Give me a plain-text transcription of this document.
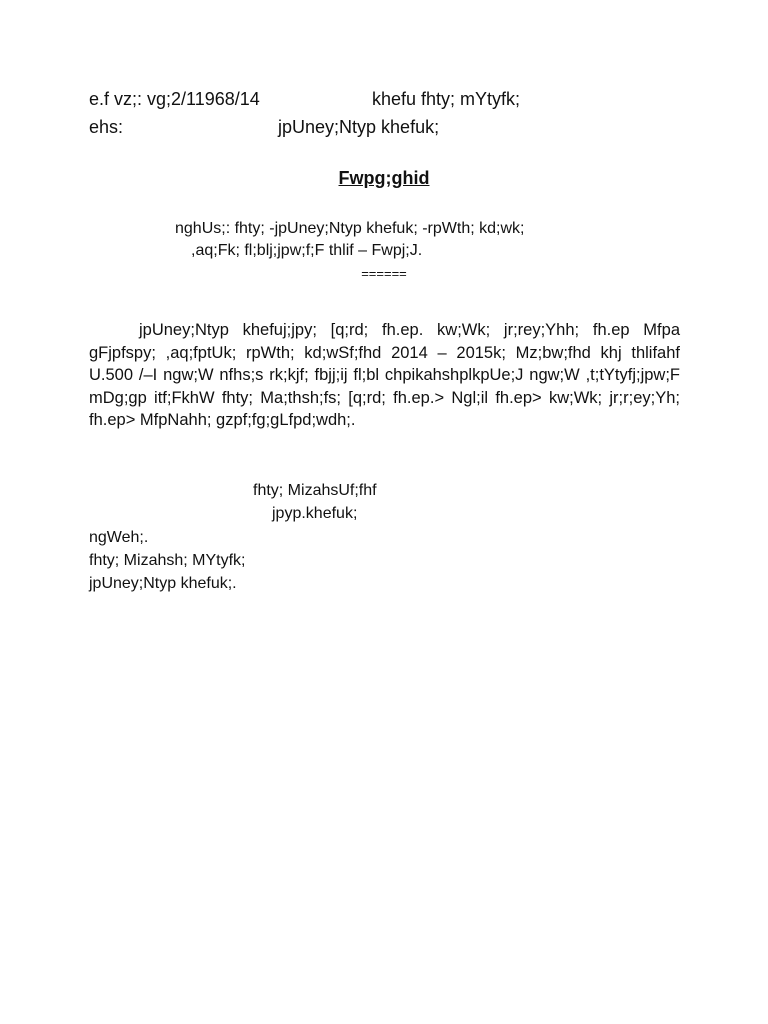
e.f vz;: vg;2/11968/14	khefu fhty; mYtyfk;
ehs:	jpUney;Ntyp khefuk;
Fwpg;ghid
nghUs;: fhty; -jpUney;Ntyp khefuk; -rpWth; kd;wk;
,aq;Fk; fl;blj;jpw;f;F thlif – Fwpj;J.
======
jpUney;Ntyp khefuj;jpy; [q;rd; fh.ep. kw;Wk; jr;rey;Yhh; fh.ep Mfpa gFjpfspy; ,aq;fptUk; rpWth; kd;wSf;fhd 2014 – 2015k; Mz;bw;fhd khj thlifahf U.500 /–I ngw;W nfhs;s rk;kjf; fbjj;ij fl;bl chpikahshplkpUe;J ngw;W ,t;tYtyfj;jpw;F mDg;gp itf;FkhW fhty; Ma;thsh;fs; [q;rd; fh.ep.> Ngl;il fh.ep> kw;Wk; jr;r;ey;Yh; fh.ep> MfpNahh; gzpf;fg;gLfpd;wdh;.
fhty; MizahsUf;fhf
jpyp.khefuk;
ngWeh;.
fhty; Mizahsh; MYtyfk;
jpUney;Ntyp khefuk;.
